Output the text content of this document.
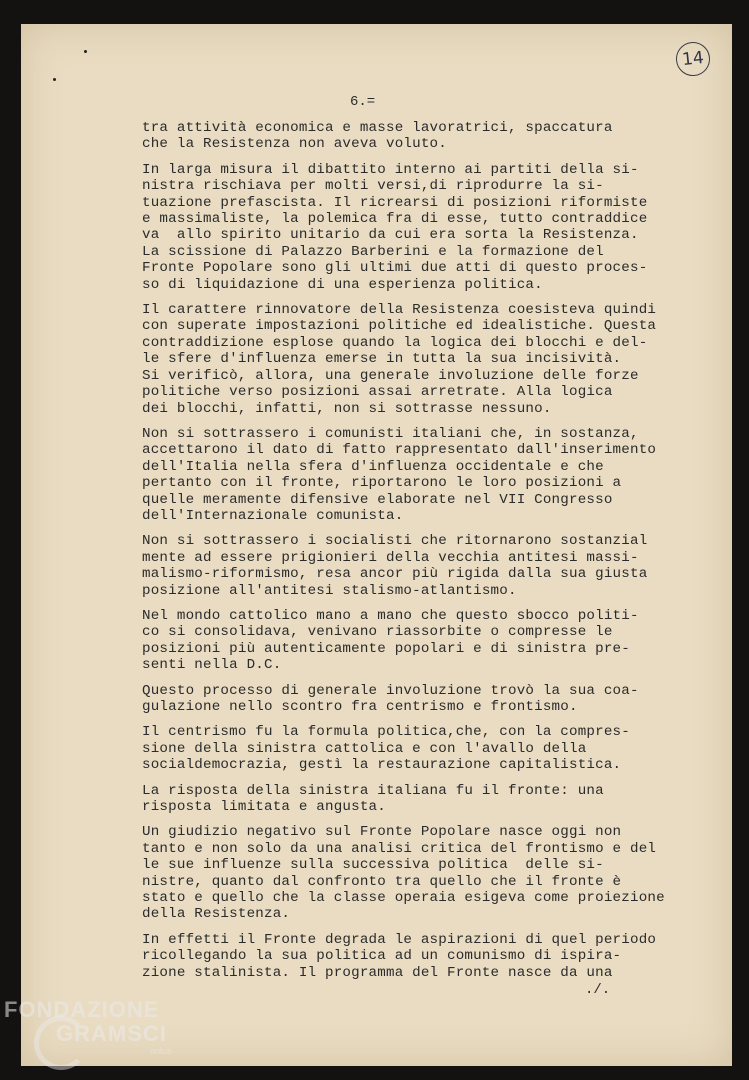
14
6.=
tra attività economica e masse lavoratrici, spaccatura
che la Resistenza non aveva voluto.
In larga misura il dibattito interno ai partiti della si-
nistra rischiava per molti versi,di riprodurre la si-
tuazione prefascista. Il ricrearsi di posizioni riformiste
e massimaliste, la polemica fra di esse, tutto contraddice
va  allo spirito unitario da cui era sorta la Resistenza.
La scissione di Palazzo Barberini e la formazione del
Fronte Popolare sono gli ultimi due atti di questo proces-
so di liquidazione di una esperienza politica.
Il carattere rinnovatore della Resistenza coesisteva quindi
con superate impostazioni politiche ed idealistiche. Questa
contraddizione esplose quando la logica dei blocchi e del-
le sfere d'influenza emerse in tutta la sua incisività.
Si verificò, allora, una generale involuzione delle forze
politiche verso posizioni assai arretrate. Alla logica
dei blocchi, infatti, non si sottrasse nessuno.
Non si sottrassero i comunisti italiani che, in sostanza,
accettarono il dato di fatto rappresentato dall'inserimento
dell'Italia nella sfera d'influenza occidentale e che
pertanto con il fronte, riportarono le loro posizioni a
quelle meramente difensive elaborate nel VII Congresso
dell'Internazionale comunista.
Non si sottrassero i socialisti che ritornarono sostanzial
mente ad essere prigionieri della vecchia antitesi massi-
malismo-riformismo, resa ancor più rigida dalla sua giusta
posizione all'antitesi stalismo-atlantismo.
Nel mondo cattolico mano a mano che questo sbocco politi-
co si consolidava, venivano riassorbite o compresse le
posizioni più autenticamente popolari e di sinistra pre-
senti nella D.C.
Questo processo di generale involuzione trovò la sua coa-
gulazione nello scontro fra centrismo e frontismo.
Il centrismo fu la formula politica,che, con la compres-
sione della sinistra cattolica e con l'avallo della
socialdemocrazia, gestì la restaurazione capitalistica.
La risposta della sinistra italiana fu il fronte: una
risposta limitata e angusta.
Un giudizio negativo sul Fronte Popolare nasce oggi non
tanto e non solo da una analisi critica del frontismo e del
le sue influenze sulla successiva politica  delle si-
nistre, quanto dal confronto tra quello che il fronte è
stato e quello che la classe operaia esigeva come proiezione
della Resistenza.
In effetti il Fronte degrada le aspirazioni di quel periodo
ricollegando la sua politica ad un comunismo di ispira-
zione stalinista. Il programma del Fronte nasce da una
./.
FONDAZIONE
GRAMSCI
onlus
